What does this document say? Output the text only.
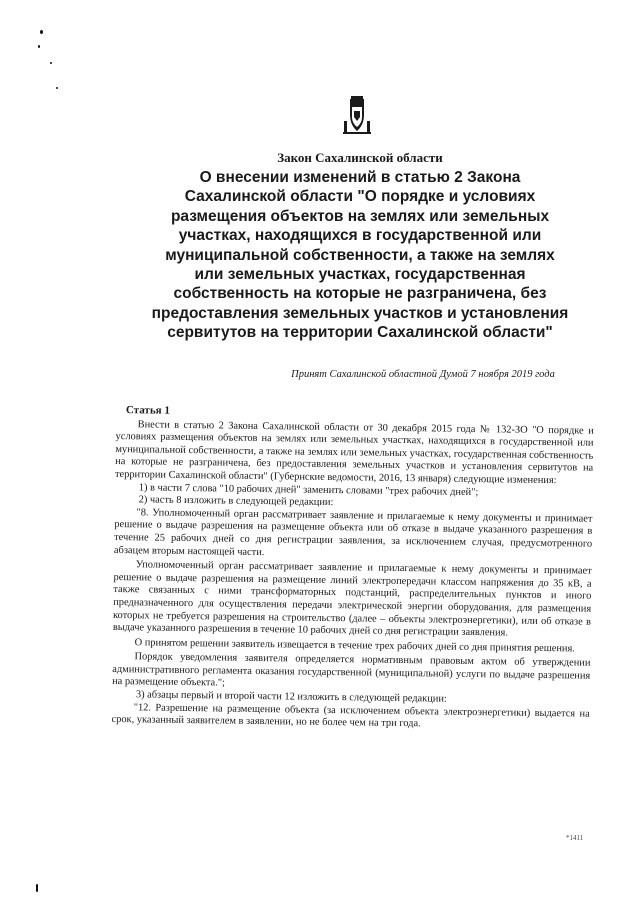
Закон Сахалинской области
О внесении изменений в статью 2 Закона Сахалинской области "О порядке и условиях размещения объектов на землях или земельных участках, находящихся в государственной или муниципальной собственности, а также на землях или земельных участках, государственная собственность на которые не разграничена, без предоставления земельных участков и установления сервитутов на территории Сахалинской области"
Принят Сахалинской областной Думой 7 ноября 2019 года
Статья 1

Внести в статью 2 Закона Сахалинской области от 30 декабря 2015 года № 132-ЗО "О порядке и условиях размещения объектов на землях или земельных участках, находящихся в государственной или муниципальной собственности, а также на землях или земельных участках, государственная собственность на которые не разграничена, без предоставления земельных участков и установления сервитутов на территории Сахалинской области" (Губернские ведомости, 2016, 13 января) следующие изменения:

1) в части 7 слова "10 рабочих дней" заменить словами "трех рабочих дней";

2) часть 8 изложить в следующей редакции:

"8. Уполномоченный орган рассматривает заявление и прилагаемые к нему документы и принимает решение о выдаче разрешения на размещение объекта или об отказе в выдаче указанного разрешения в течение 25 рабочих дней со дня регистрации заявления, за исключением случая, предусмотренного абзацем вторым настоящей части.

Уполномоченный орган рассматривает заявление и прилагаемые к нему документы и принимает решение о выдаче разрешения на размещение линий электропередачи классом напряжения до 35 кВ, а также связанных с ними трансформаторных подстанций, распределительных пунктов и иного предназначенного для осуществления передачи электрической энергии оборудования, для размещения которых не требуется разрешения на строительство (далее – объекты электроэнергетики), или об отказе в выдаче указанного разрешения в течение 10 рабочих дней со дня регистрации заявления.

О принятом решении заявитель извещается в течение трех рабочих дней со дня принятия решения.

Порядок уведомления заявителя определяется нормативным правовым актом об утверждении административного регламента оказания государственной (муниципальной) услуги по выдаче разрешения на размещение объекта.";

3) абзацы первый и второй части 12 изложить в следующей редакции:

"12. Разрешение на размещение объекта (за исключением объекта электроэнергетики) выдается на срок, указанный заявителем в заявлении, но не более чем на три года.

*1411
